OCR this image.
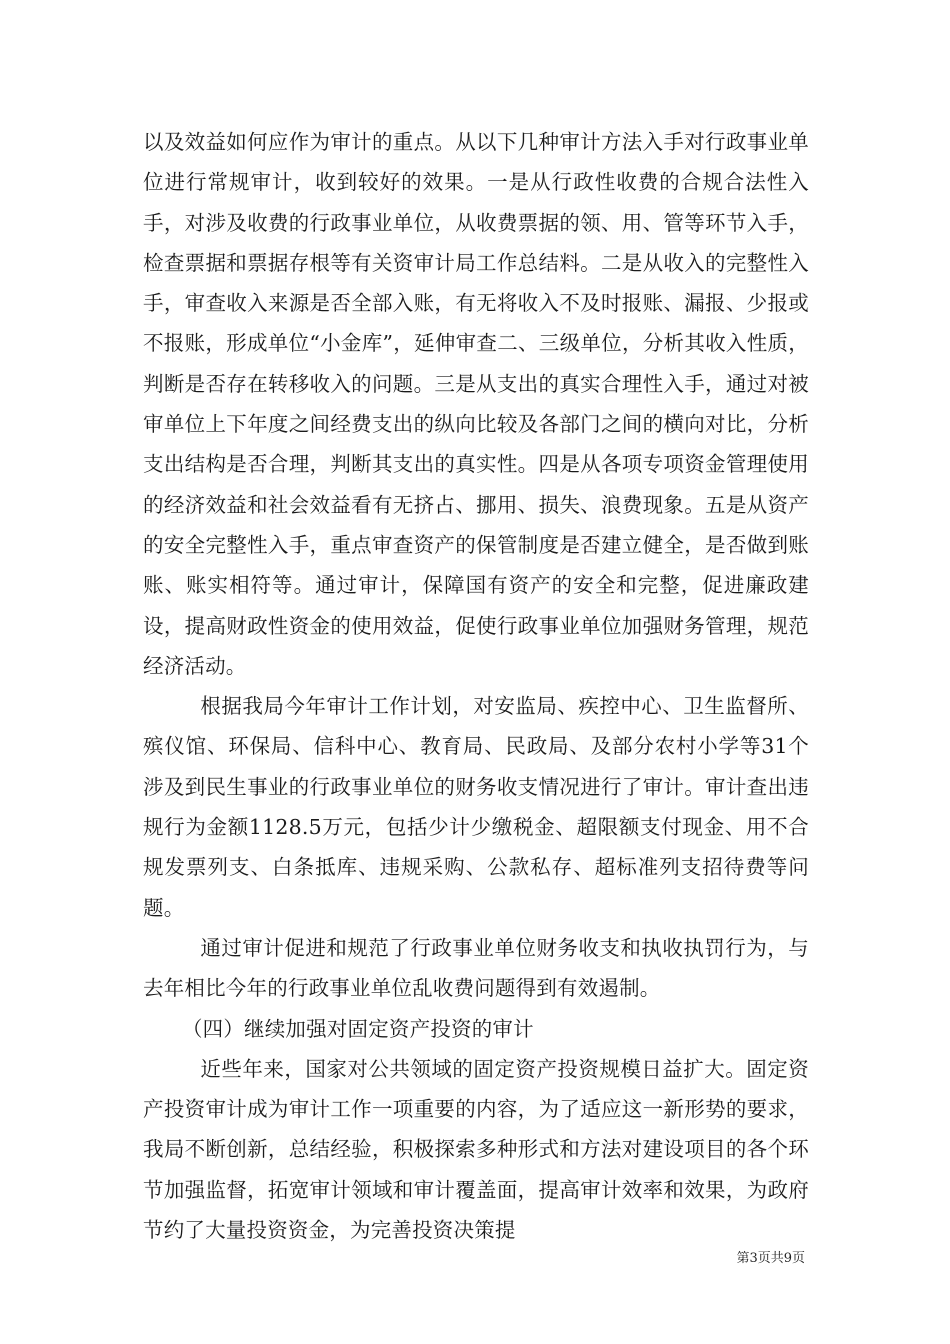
以及效益如何应作为审计的重点。从以下几种审计方法入手对行政事业单位进行常规审计，收到较好的效果。一是从行政性收费的合规合法性入手，对涉及收费的行政事业单位，从收费票据的领、用、管等环节入手，检查票据和票据存根等有关资审计局工作总结料。二是从收入的完整性入手，审查收入来源是否全部入账，有无将收入不及时报账、漏报、少报或不报账，形成单位“小金库”，延伸审查二、三级单位，分析其收入性质，判断是否存在转移收入的问题。三是从支出的真实合理性入手，通过对被审单位上下年度之间经费支出的纵向比较及各部门之间的横向对比，分析支出结构是否合理，判断其支出的真实性。四是从各项专项资金管理使用的经济效益和社会效益看有无挤占、挪用、损失、浪费现象。五是从资产的安全完整性入手，重点审查资产的保管制度是否建立健全，是否做到账账、账实相符等。通过审计，保障国有资产的安全和完整，促进廉政建设，提高财政性资金的使用效益，促使行政事业单位加强财务管理，规范经济活动。

根据我局今年审计工作计划，对安监局、疾控中心、卫生监督所、殡仪馆、环保局、信科中心、教育局、民政局、及部分农村小学等31个涉及到民生事业的行政事业单位的财务收支情况进行了审计。审计查出违规行为金额1128.5万元，包括少计少缴税金、超限额支付现金、用不合规发票列支、白条抵库、违规采购、公款私存、超标准列支招待费等问题。

通过审计促进和规范了行政事业单位财务收支和执收执罚行为，与去年相比今年的行政事业单位乱收费问题得到有效遏制。

（四）继续加强对固定资产投资的审计

近些年来，国家对公共领域的固定资产投资规模日益扩大。固定资产投资审计成为审计工作一项重要的内容，为了适应这一新形势的要求，我局不断创新，总结经验，积极探索多种形式和方法对建设项目的各个环节加强监督，拓宽审计领域和审计覆盖面，提高审计效率和效果，为政府节约了大量投资资金，为完善投资决策提

第3页共9页
